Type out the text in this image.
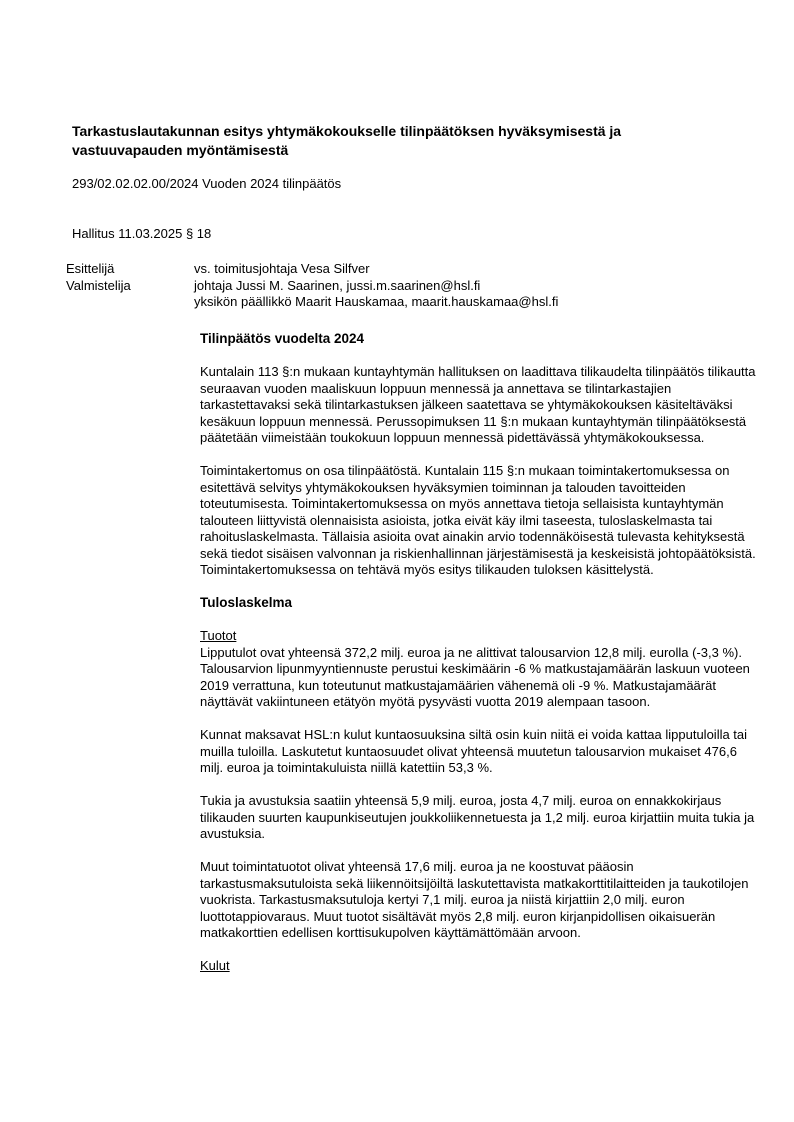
Tarkastuslautakunnan esitys yhtymäkokoukselle tilinpäätöksen hyväksymisestä ja vastuuvapauden myöntämisestä
293/02.02.02.00/2024 Vuoden 2024 tilinpäätös
Hallitus 11.03.2025 § 18
Esittelijä	vs. toimitusjohtaja Vesa Silfver
Valmistelija	johtaja Jussi M. Saarinen, jussi.m.saarinen@hsl.fi
yksikön päällikkö Maarit Hauskamaa, maarit.hauskamaa@hsl.fi

Tilinpäätös vuodelta 2024

Kuntalain 113 §:n mukaan kuntayhtymän hallituksen on laadittava tilikaudelta tilinpäätös tilikautta seuraavan vuoden maaliskuun loppuun mennessä ja annettava se tilintarkastajien tarkastettavaksi sekä tilintarkastuksen jälkeen saatettava se yhtymäkokouksen käsiteltäväksi kesäkuun loppuun mennessä. Perussopimuksen 11 §:n mukaan kuntayhtymän tilinpäätöksestä päätetään viimeistään toukokuun loppuun mennessä pidettävässä yhtymäkokouksessa.

Toimintakertomus on osa tilinpäätöstä. Kuntalain 115 §:n mukaan toimintakertomuksessa on esitettävä selvitys yhtymäkokouksen hyväksymien toiminnan ja talouden tavoitteiden toteutumisesta. Toimintakertomuksessa on myös annettava tietoja sellaisista kuntayhtymän talouteen liittyvistä olennaisista asioista, jotka eivät käy ilmi taseesta, tuloslaskelmasta tai rahoituslaskelmasta. Tällaisia asioita ovat ainakin arvio todennäköisestä tulevasta kehityksestä sekä tiedot sisäisen valvonnan ja riskienhallinnan järjestämisestä ja keskeisistä johtopäätöksistä. Toimintakertomuksessa on tehtävä myös esitys tilikauden tuloksen käsittelystä.

Tuloslaskelma

Tuotot

Lipputulot ovat yhteensä 372,2 milj. euroa ja ne alittivat talousarvion 12,8 milj. eurolla (-3,3 %). Talousarvion lipunmyyntiennuste perustui keskimäärin -6 % matkustajamäärän laskuun vuoteen 2019 verrattuna, kun toteutunut matkustajamäärien vähenemä oli -9 %. Matkustajamäärät näyttävät vakiintuneen etätyön myötä pysyvästi vuotta 2019 alempaan tasoon.

Kunnat maksavat HSL:n kulut kuntaosuuksina siltä osin kuin niitä ei voida kattaa lipputuloilla tai muilla tuloilla. Laskutetut kuntaosuudet olivat yhteensä muutetun talousarvion mukaiset 476,6 milj. euroa ja toimintakuluista niillä katettiin 53,3 %.

Tukia ja avustuksia saatiin yhteensä 5,9 milj. euroa, josta 4,7 milj. euroa on ennakkokirjaus tilikauden suurten kaupunkiseutujen joukkoliikennetuesta ja 1,2 milj. euroa kirjattiin muita tukia ja avustuksia.

Muut toimintatuotot olivat yhteensä 17,6 milj. euroa ja ne koostuvat pääosin tarkastusmaksutuloista sekä liikennöitsijöiltä laskutettavista matkakorttitilaitteiden ja taukotilojen vuokrista. Tarkastusmaksutuloja kertyi 7,1 milj. euroa ja niistä kirjattiin 2,0 milj. euron luottotappiovaraus. Muut tuotot sisältävät myös 2,8 milj. euron kirjanpidollisen oikaisuerän matkakorttien edellisen korttisukupolven käyttämättömään arvoon.

Kulut
